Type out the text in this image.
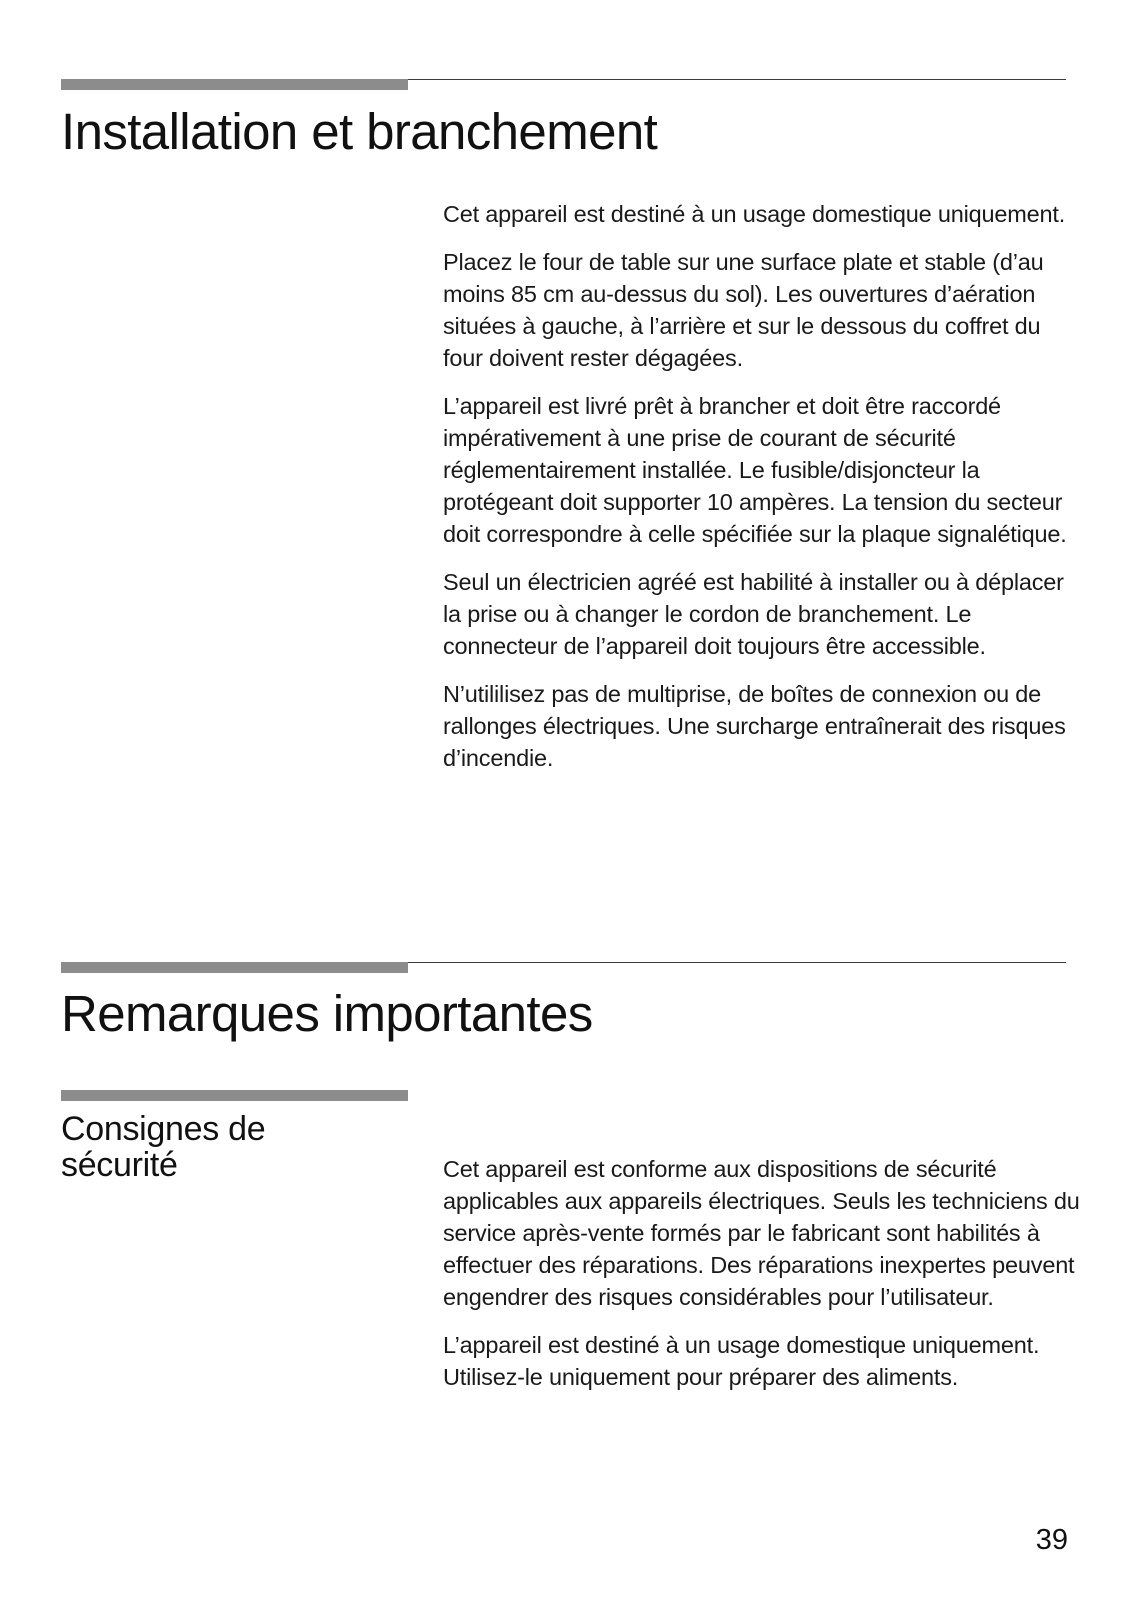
Installation et branchement

Cet appareil est destiné à un usage domestique uniquement.

Placez le four de table sur une surface plate et stable (d’au moins 85 cm au-dessus du sol). Les ouvertures d’aération situées à gauche, à l’arrière et sur le dessous du coffret du four doivent rester dégagées.

L’appareil est livré prêt à brancher et doit être raccordé impérativement à une prise de courant de sécurité réglementairement installée. Le fusible/disjoncteur la protégeant doit supporter 10 ampères. La tension du secteur doit correspondre à celle spécifiée sur la plaque signalétique.

Seul un électricien agréé est habilité à installer ou à déplacer la prise ou à changer le cordon de branchement. Le connecteur de l’appareil doit toujours être accessible.

N’utililisez pas de multiprise, de boîtes de connexion ou de rallonges électriques. Une surcharge entraînerait des risques d’incendie.

Remarques importantes
Consignes de sécurité	Cet appareil est conforme aux dispositions de sécurité applicables aux appareils électriques. Seuls les techniciens du service après-vente formés par le fabricant sont habilités à effectuer des réparations. Des réparations inexpertes peuvent engendrer des risques considérables pour l’utilisateur.

L’appareil est destiné à un usage domestique uniquement. Utilisez-le uniquement pour préparer des aliments.

39
